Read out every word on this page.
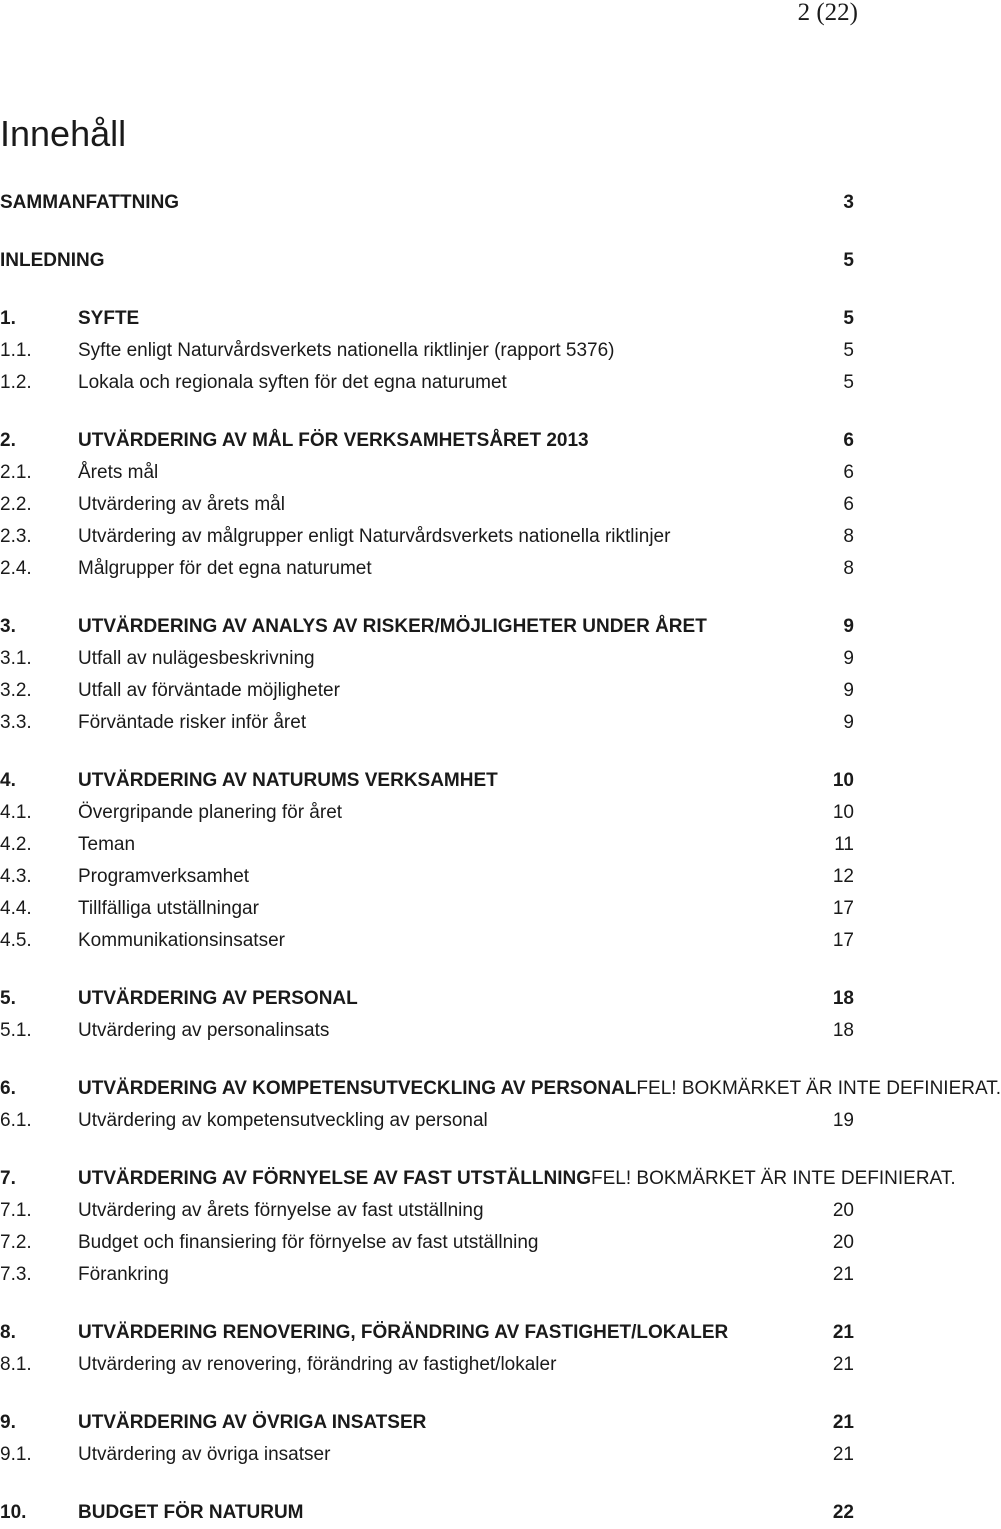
2 (22)
Innehåll
SAMMANFATTNING	3
INLEDNING	5
1.	SYFTE	5
1.1. Syfte enligt Naturvårdsverkets nationella riktlinjer (rapport 5376)	5
1.2. Lokala och regionala syften för det egna naturumet	5
2.	UTVÄRDERING AV MÅL FÖR VERKSAMHETSÅRET 2013	6
2.1. Årets mål	6
2.2. Utvärdering av årets mål	6
2.3. Utvärdering av målgrupper enligt Naturvårdsverkets nationella riktlinjer	8
2.4. Målgrupper för det egna naturumet	8
3.	UTVÄRDERING AV ANALYS AV RISKER/MÖJLIGHETER UNDER ÅRET	9
3.1. Utfall av nulägesbeskrivning	9
3.2. Utfall av förväntade möjligheter	9
3.3. Förväntade risker inför året	9
4.	UTVÄRDERING AV NATURUMS VERKSAMHET	10
4.1. Övergripande planering för året	10
4.2. Teman	11
4.3. Programverksamhet	12
4.4. Tillfälliga utställningar	17
4.5. Kommunikationsinsatser	17
5.	UTVÄRDERING AV PERSONAL	18
5.1. Utvärdering av personalinsats	18
6.	UTVÄRDERING AV KOMPETENSUTVECKLING AV PERSONALFEL! BOKMÄRKET ÄR INTE DEFINIERAT.
6.1. Utvärdering av kompetensutveckling av personal	19
7.	UTVÄRDERING AV FÖRNYELSE AV FAST UTSTÄLLNINGFEL! BOKMÄRKET ÄR INTE DEFINIERAT.
7.1. Utvärdering av årets förnyelse av fast utställning	20
7.2. Budget och finansiering för förnyelse av fast utställning	20
7.3. Förankring	21
8.	UTVÄRDERING RENOVERING, FÖRÄNDRING AV FASTIGHET/LOKALER	21
8.1. Utvärdering av renovering, förändring av fastighet/lokaler	21
9.	UTVÄRDERING AV ÖVRIGA INSATSER	21
9.1. Utvärdering av övriga insatser	21
10.	BUDGET FÖR NATURUM	22
